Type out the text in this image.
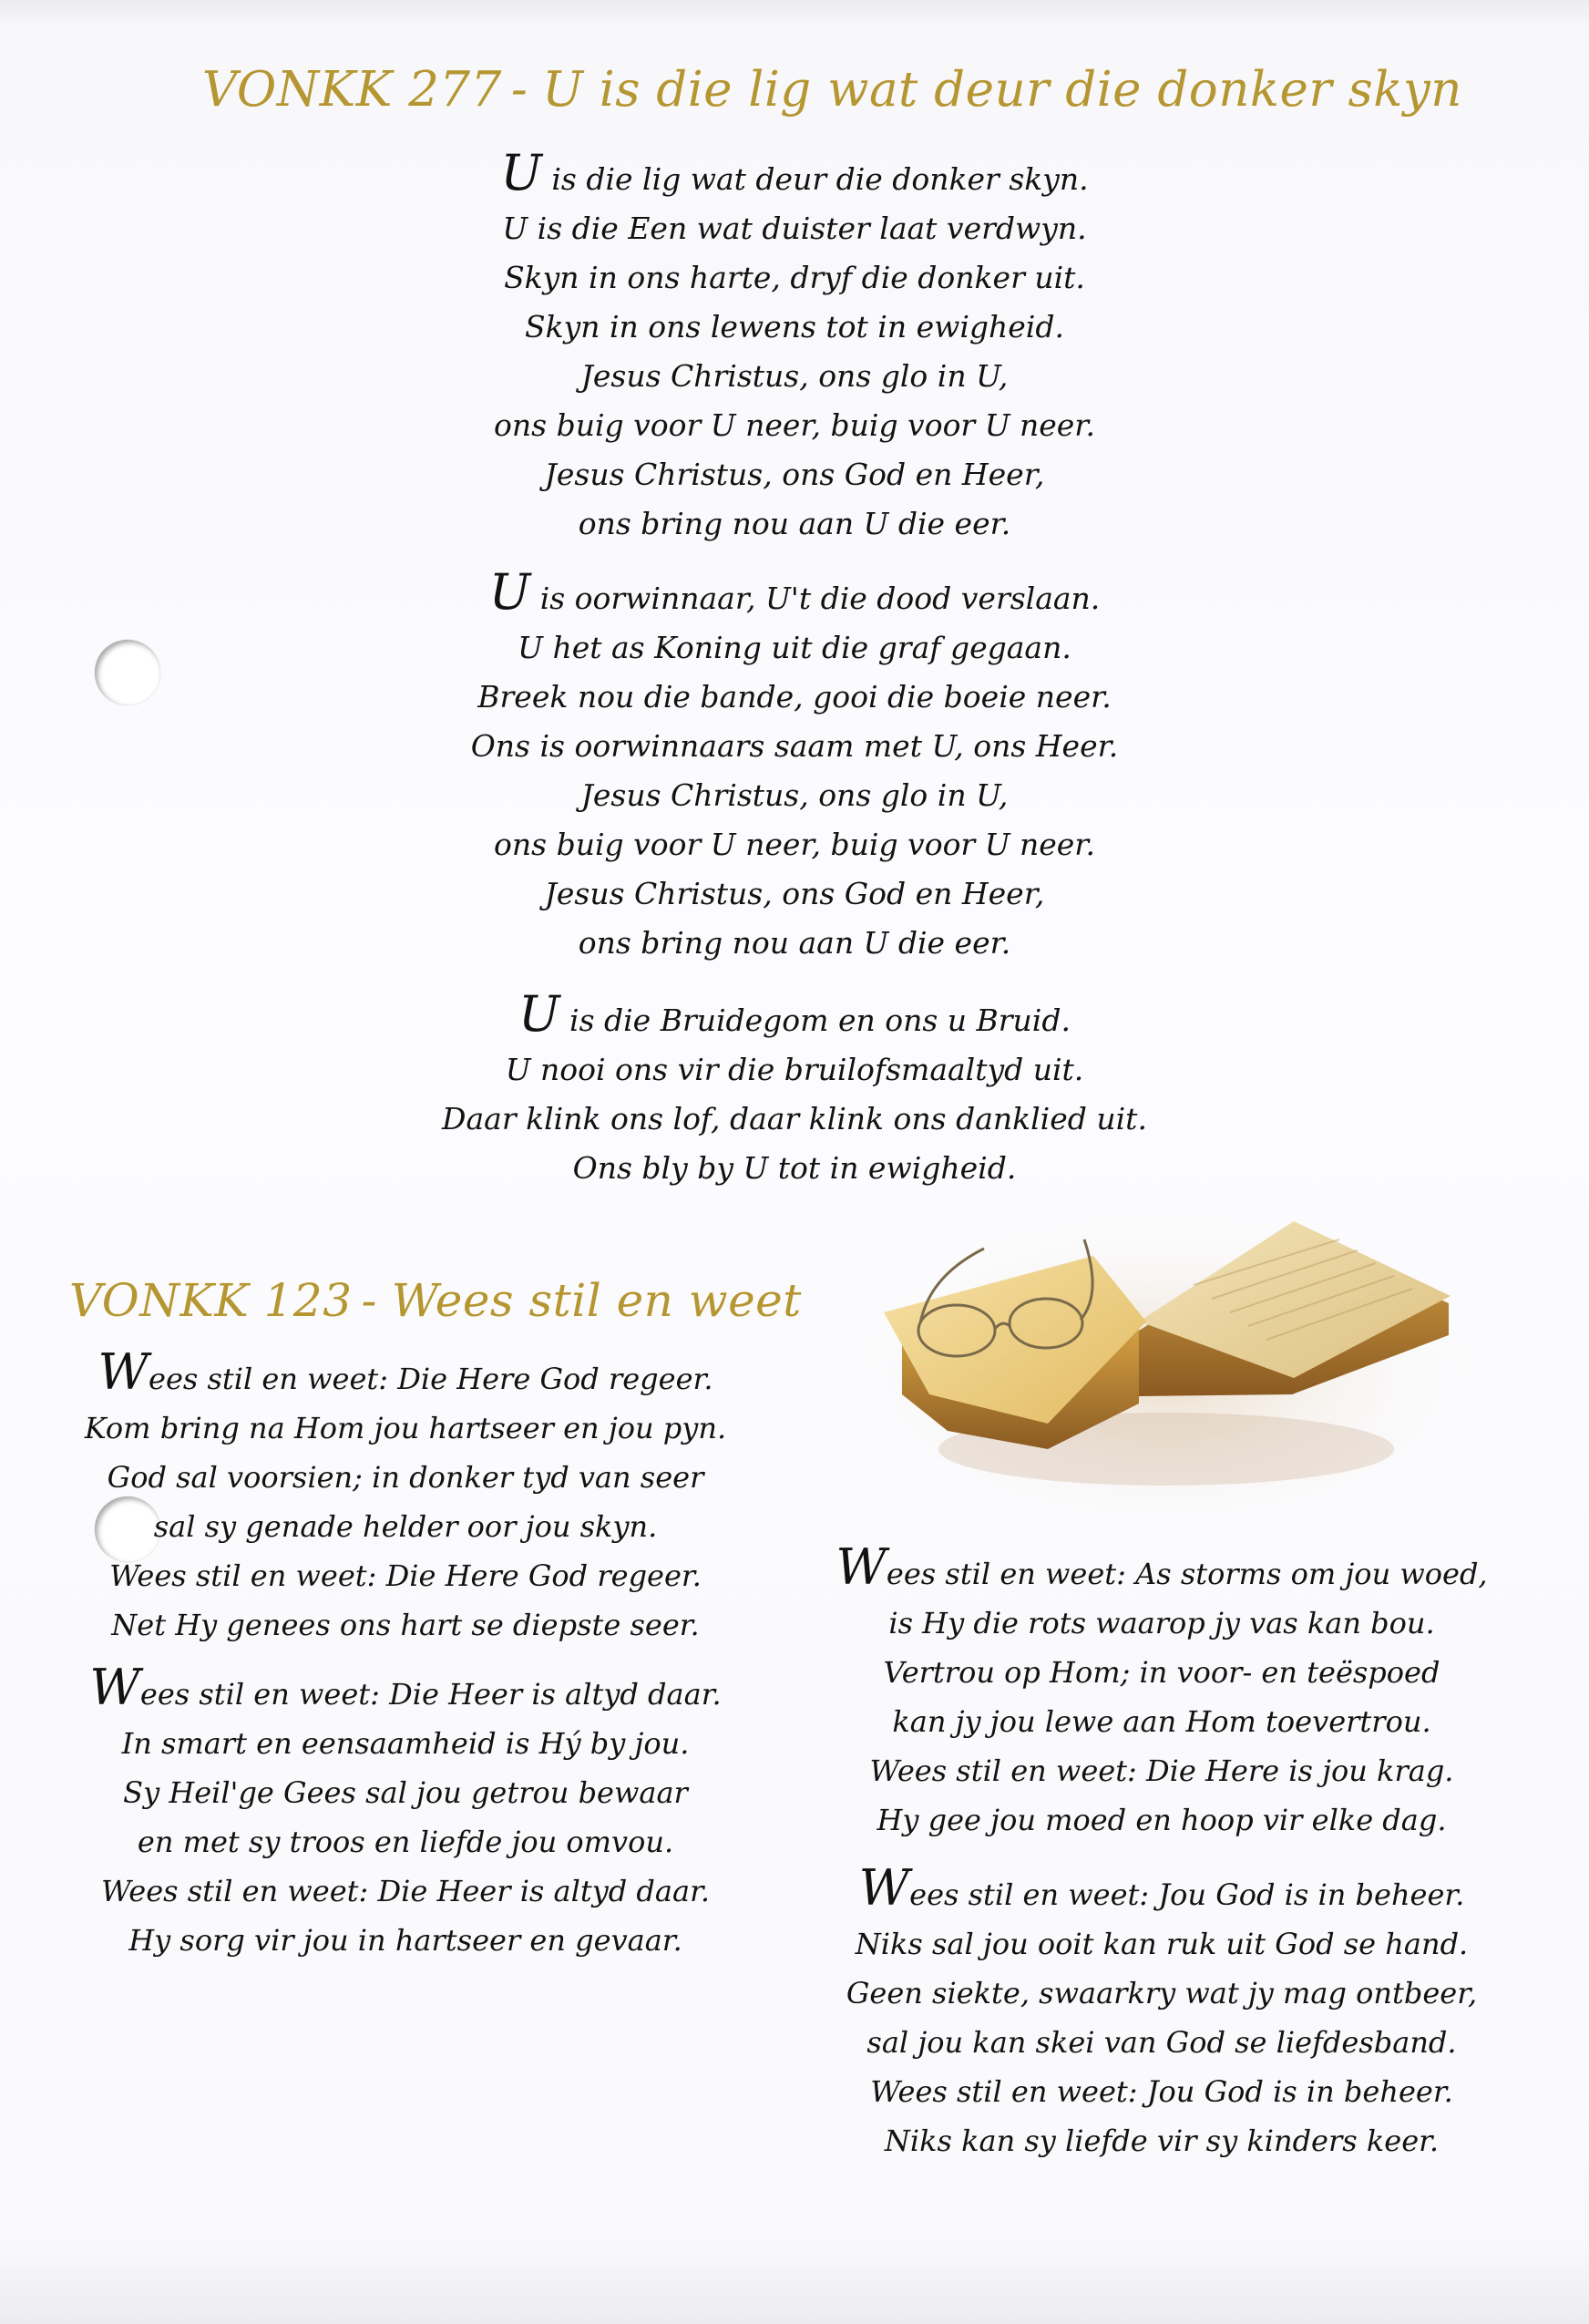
VONKK 277 - U is die lig wat deur die donker skyn
U is die lig wat deur die donker skyn.
U is die Een wat duister laat verdwyn.
Skyn in ons harte, dryf die donker uit.
Skyn in ons lewens tot in ewigheid.
Jesus Christus, ons glo in U,
ons buig voor U neer, buig voor U neer.
Jesus Christus, ons God en Heer,
ons bring nou aan U die eer.
U is oorwinnaar, U't die dood verslaan.
U het as Koning uit die graf gegaan.
Breek nou die bande, gooi die boeie neer.
Ons is oorwinnaars saam met U, ons Heer.
Jesus Christus, ons glo in U,
ons buig voor U neer, buig voor U neer.
Jesus Christus, ons God en Heer,
ons bring nou aan U die eer.
U is die Bruidegom en ons u Bruid.
U nooi ons vir die bruilofsmaaltyd uit.
Daar klink ons lof, daar klink ons danklied uit.
Ons bly by U tot in ewigheid.
VONKK 123 - Wees stil en weet
Wees stil en weet: Die Here God regeer.
Kom bring na Hom jou hartseer en jou pyn.
God sal voorsien; in donker tyd van seer
sal sy genade helder oor jou skyn.
Wees stil en weet: Die Here God regeer.
Net Hy genees ons hart se diepste seer.
Wees stil en weet: Die Heer is altyd daar.
In smart en eensaamheid is Hý by jou.
Sy Heil'ge Gees sal jou getrou bewaar
en met sy troos en liefde jou omvou.
Wees stil en weet: Die Heer is altyd daar.
Hy sorg vir jou in hartseer en gevaar.
Wees stil en weet: As storms om jou woed,
is Hy die rots waarop jy vas kan bou.
Vertrou op Hom; in voor- en teëspoed
kan jy jou lewe aan Hom toevertrou.
Wees stil en weet: Die Here is jou krag.
Hy gee jou moed en hoop vir elke dag.
Wees stil en weet: Jou God is in beheer.
Niks sal jou ooit kan ruk uit God se hand.
Geen siekte, swaarkry wat jy mag ontbeer,
sal jou kan skei van God se liefdesband.
Wees stil en weet: Jou God is in beheer.
Niks kan sy liefde vir sy kinders keer.
